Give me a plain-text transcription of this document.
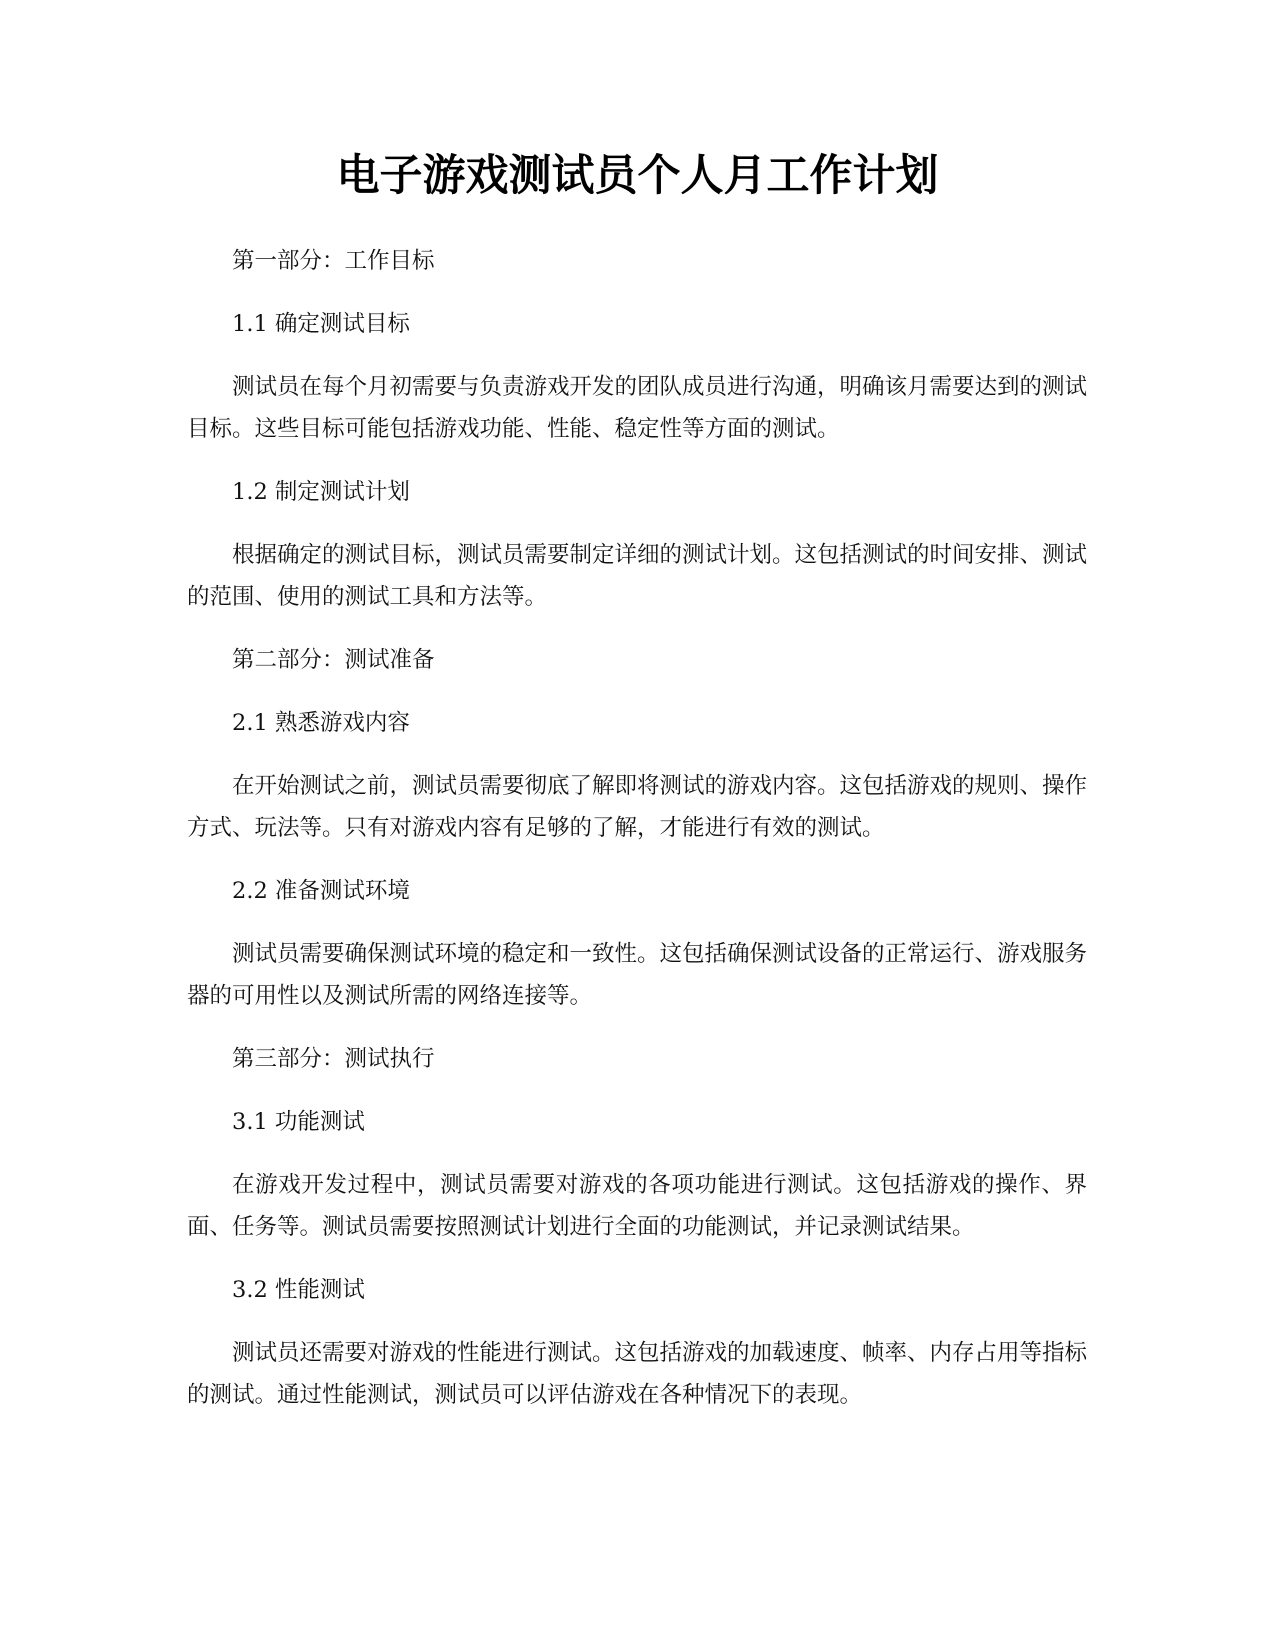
电子游戏测试员个人月工作计划

第一部分：工作目标

1.1 确定测试目标

测试员在每个月初需要与负责游戏开发的团队成员进行沟通，明确该月需要达到的测试目标。这些目标可能包括游戏功能、性能、稳定性等方面的测试。

1.2 制定测试计划

根据确定的测试目标，测试员需要制定详细的测试计划。这包括测试的时间安排、测试的范围、使用的测试工具和方法等。

第二部分：测试准备

2.1 熟悉游戏内容

在开始测试之前，测试员需要彻底了解即将测试的游戏内容。这包括游戏的规则、操作方式、玩法等。只有对游戏内容有足够的了解，才能进行有效的测试。

2.2 准备测试环境

测试员需要确保测试环境的稳定和一致性。这包括确保测试设备的正常运行、游戏服务器的可用性以及测试所需的网络连接等。

第三部分：测试执行

3.1 功能测试

在游戏开发过程中，测试员需要对游戏的各项功能进行测试。这包括游戏的操作、界面、任务等。测试员需要按照测试计划进行全面的功能测试，并记录测试结果。

3.2 性能测试

测试员还需要对游戏的性能进行测试。这包括游戏的加载速度、帧率、内存占用等指标的测试。通过性能测试，测试员可以评估游戏在各种情况下的表现。
